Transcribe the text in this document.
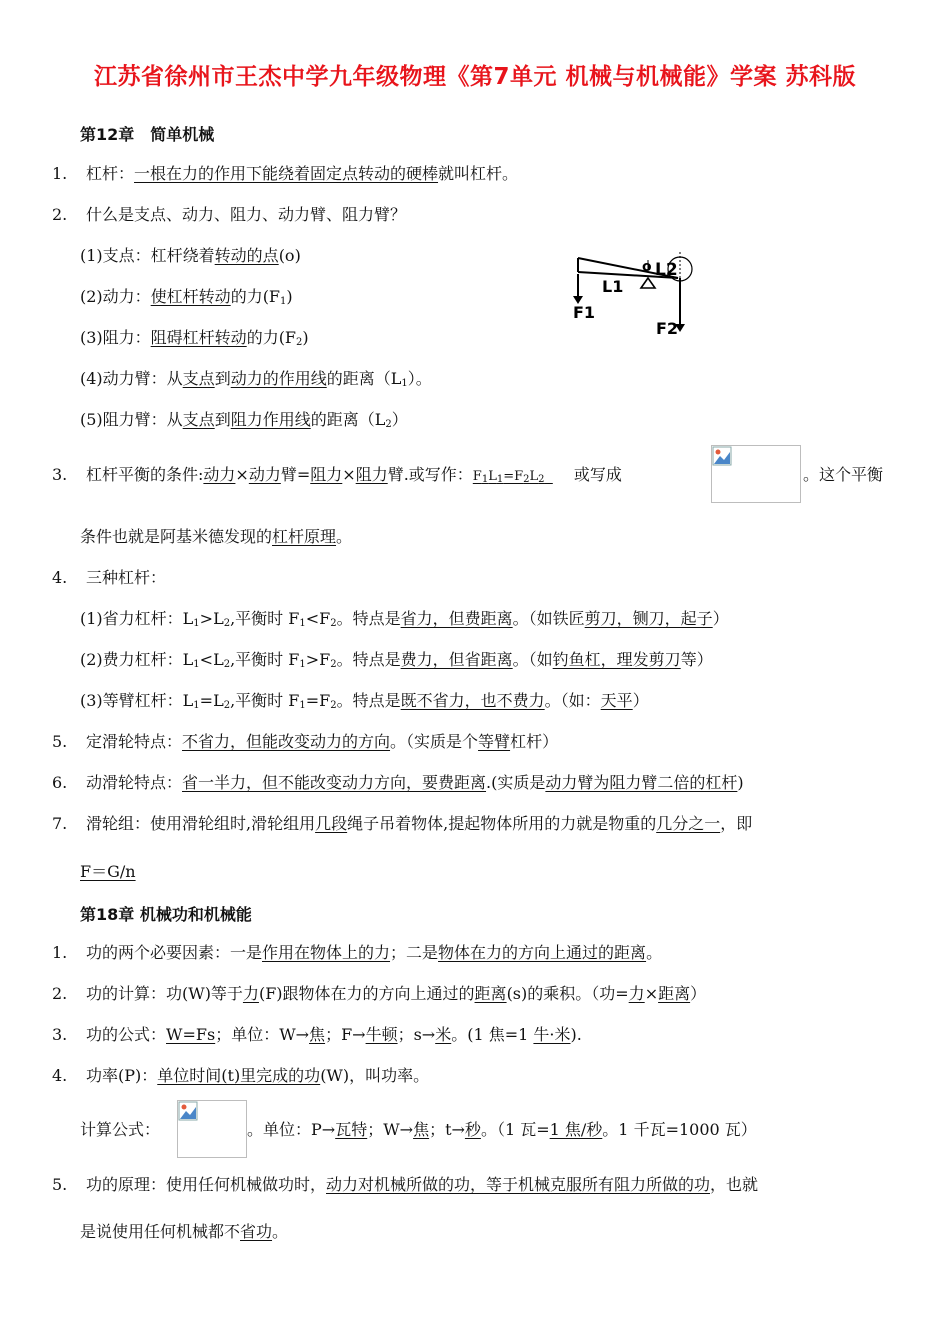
江苏省徐州市王杰中学九年级物理《第7单元 机械与机械能》学案 苏科版
第12章　简单机械
1. 杠杆：一根在力的作用下能绕着固定点转动的硬棒就叫杠杆。
2. 什么是支点、动力、阻力、动力臂、阻力臂？
(1)支点：杠杆绕着转动的点(o)
(2)动力：使杠杆转动的力$(F_1)$
(3)阻力：阻碍杠杆转动的力$(F_2)$
(4)动力臂：从支点到动力的作用线的距离$(L_1)$。
(5)阻力臂：从支点到阻力作用线的距离$(L_2)$
o L2
L1
F1
F2
3. 杠杆平衡的条件:动力×动力臂=阻力×阻力臂.或写作：$F_1L_1=F_2L_2$   　或写成	。这个平衡
条件也就是阿基米德发现的杠杆原理。
4. 三种杠杆：
(1)省力杠杆：$L_1>L_2$,平衡时 $F_1<F_2$。特点是省力，但费距离。（如铁匠剪刀，铡刀，起子）
(2)费力杠杆：$L_1<L_2$,平衡时 $F_1>F_2$。特点是费力，但省距离。（如钓鱼杠，理发剪刀等）
(3)等臂杠杆：$L_1=L_2$,平衡时 $F_1=F_2$。特点是既不省力，也不费力。（如：天平）
5. 定滑轮特点：不省力，但能改变动力的方向。（实质是个等臂杠杆）
6. 动滑轮特点：省一半力，但不能改变动力方向，要费距离.(实质是动力臂为阻力臂二倍的杠杆)
7. 滑轮组：使用滑轮组时,滑轮组用几段绳子吊着物体,提起物体所用的力就是物重的几分之一，即
F＝G/n
第18章 机械功和机械能
1. 功的两个必要因素：一是作用在物体上的力；二是物体在力的方向上通过的距离。
2. 功的计算：功(W)等于力(F)跟物体在力的方向上通过的距离(s)的乘积。（功=力×距离）
3. 功的公式：W=Fs；单位：W→焦；F→牛顿；s→米。(1 焦=1 牛·米).
4. 功率(P)：单位时间(t)里完成的功(W)，叫功率。
计算公式：	。单位：P→瓦特；W→焦；t→秒。（1 瓦=1 焦/秒。1 千瓦=1000 瓦）
5. 功的原理：使用任何机械做功时，动力对机械所做的功，等于机械克服所有阻力所做的功，也就
是说使用任何机械都不省功。
